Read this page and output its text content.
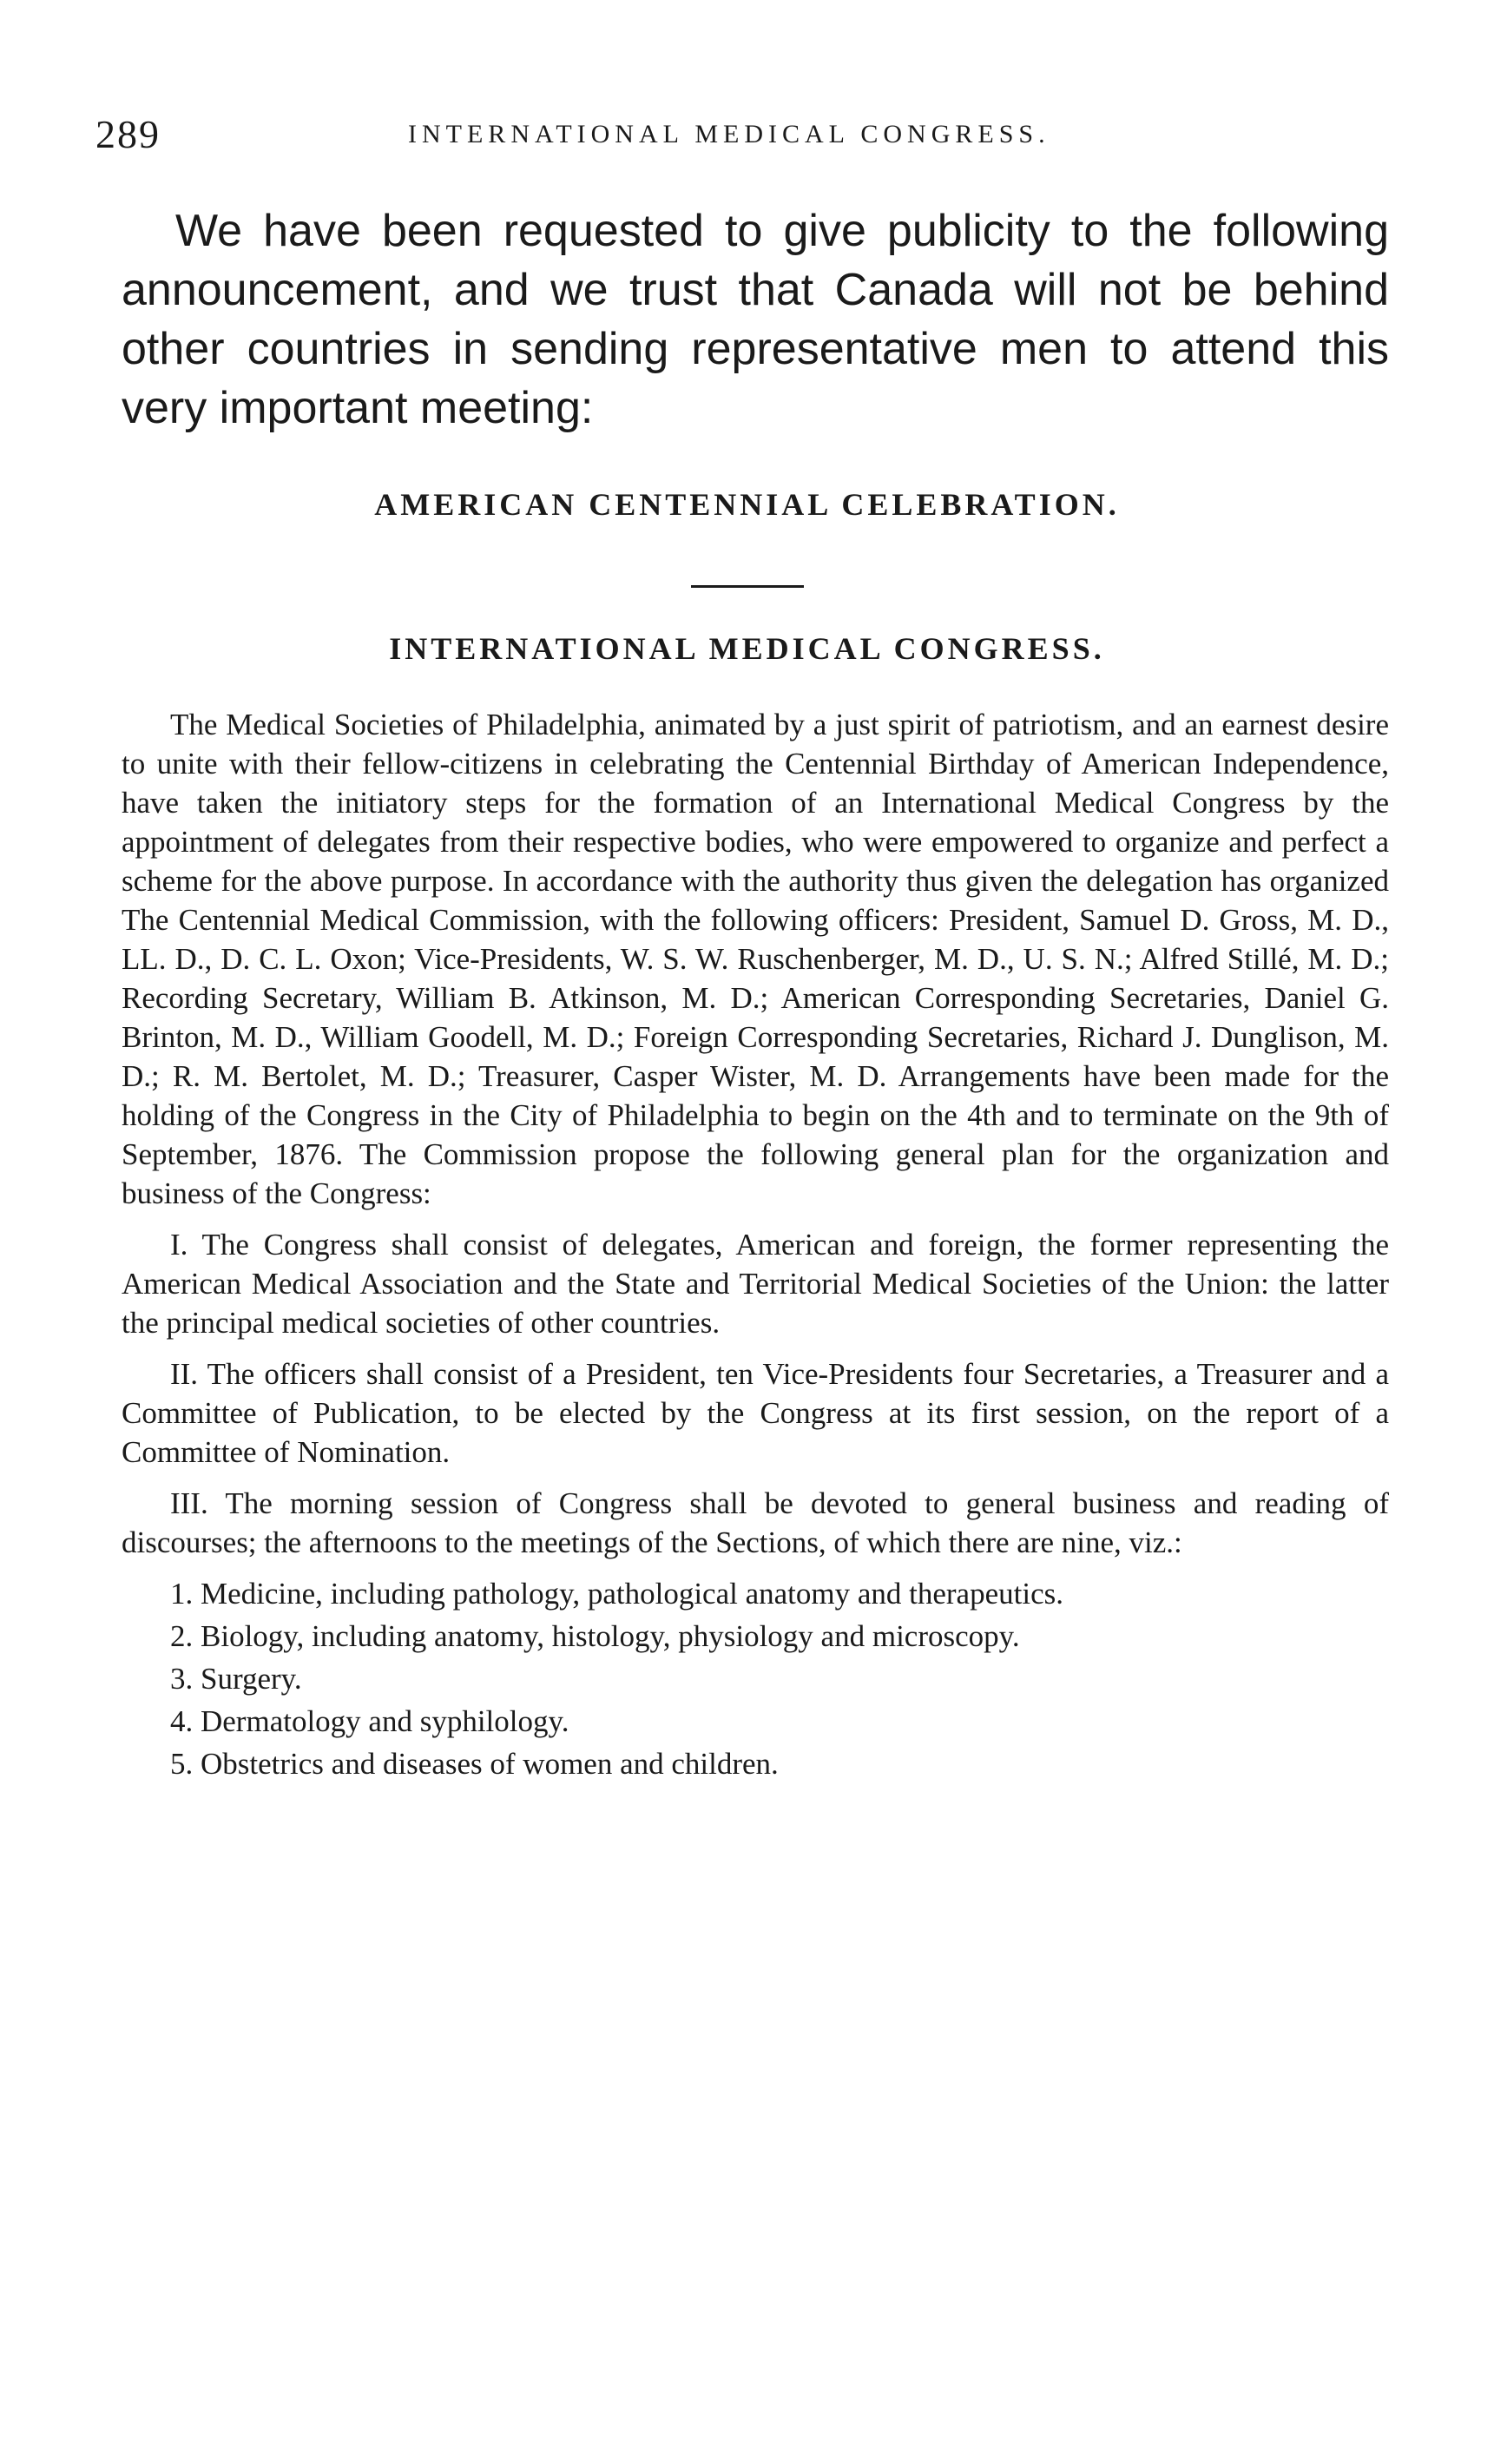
289	INTERNATIONAL MEDICAL CONGRESS.

We have been requested to give publicity to the following announcement, and we trust that Canada will not be behind other countries in sending representative men to attend this very important meeting:

AMERICAN CENTENNIAL CELEBRATION.
INTERNATIONAL MEDICAL CONGRESS.

The Medical Societies of Philadelphia, animated by a just spirit of patriotism, and an earnest desire to unite with their fellow-citizens in celebrating the Centennial Birthday of American Independence, have taken the initiatory steps for the formation of an International Medical Congress by the appointment of delegates from their respective bodies, who were empowered to organize and perfect a scheme for the above purpose. In accordance with the authority thus given the delegation has organized The Centennial Medical Commission, with the following officers: President, Samuel D. Gross, M. D., LL. D., D. C. L. Oxon; Vice-Presidents, W. S. W. Ruschenberger, M. D., U. S. N.; Alfred Stillé, M. D.; Recording Secretary, William B. Atkinson, M. D.; American Corresponding Secretaries, Daniel G. Brinton, M. D., William Goodell, M. D.; Foreign Corresponding Secretaries, Richard J. Dunglison, M. D.; R. M. Bertolet, M. D.; Treasurer, Casper Wister, M. D. Arrangements have been made for the holding of the Congress in the City of Philadelphia to begin on the 4th and to terminate on the 9th of September, 1876. The Commission propose the following general plan for the organization and business of the Congress:

I. The Congress shall consist of delegates, American and foreign, the former representing the American Medical Association and the State and Territorial Medical Societies of the Union: the latter the principal medical societies of other countries.

II. The officers shall consist of a President, ten Vice-Presidents four Secretaries, a Treasurer and a Committee of Publication, to be elected by the Congress at its first session, on the report of a Committee of Nomination.

III. The morning session of Congress shall be devoted to general business and reading of discourses; the afternoons to the meetings of the Sections, of which there are nine, viz.:

1. Medicine, including pathology, pathological anatomy and therapeutics.
2. Biology, including anatomy, histology, physiology and microscopy.
3. Surgery.
4. Dermatology and syphilology.
5. Obstetrics and diseases of women and children.
